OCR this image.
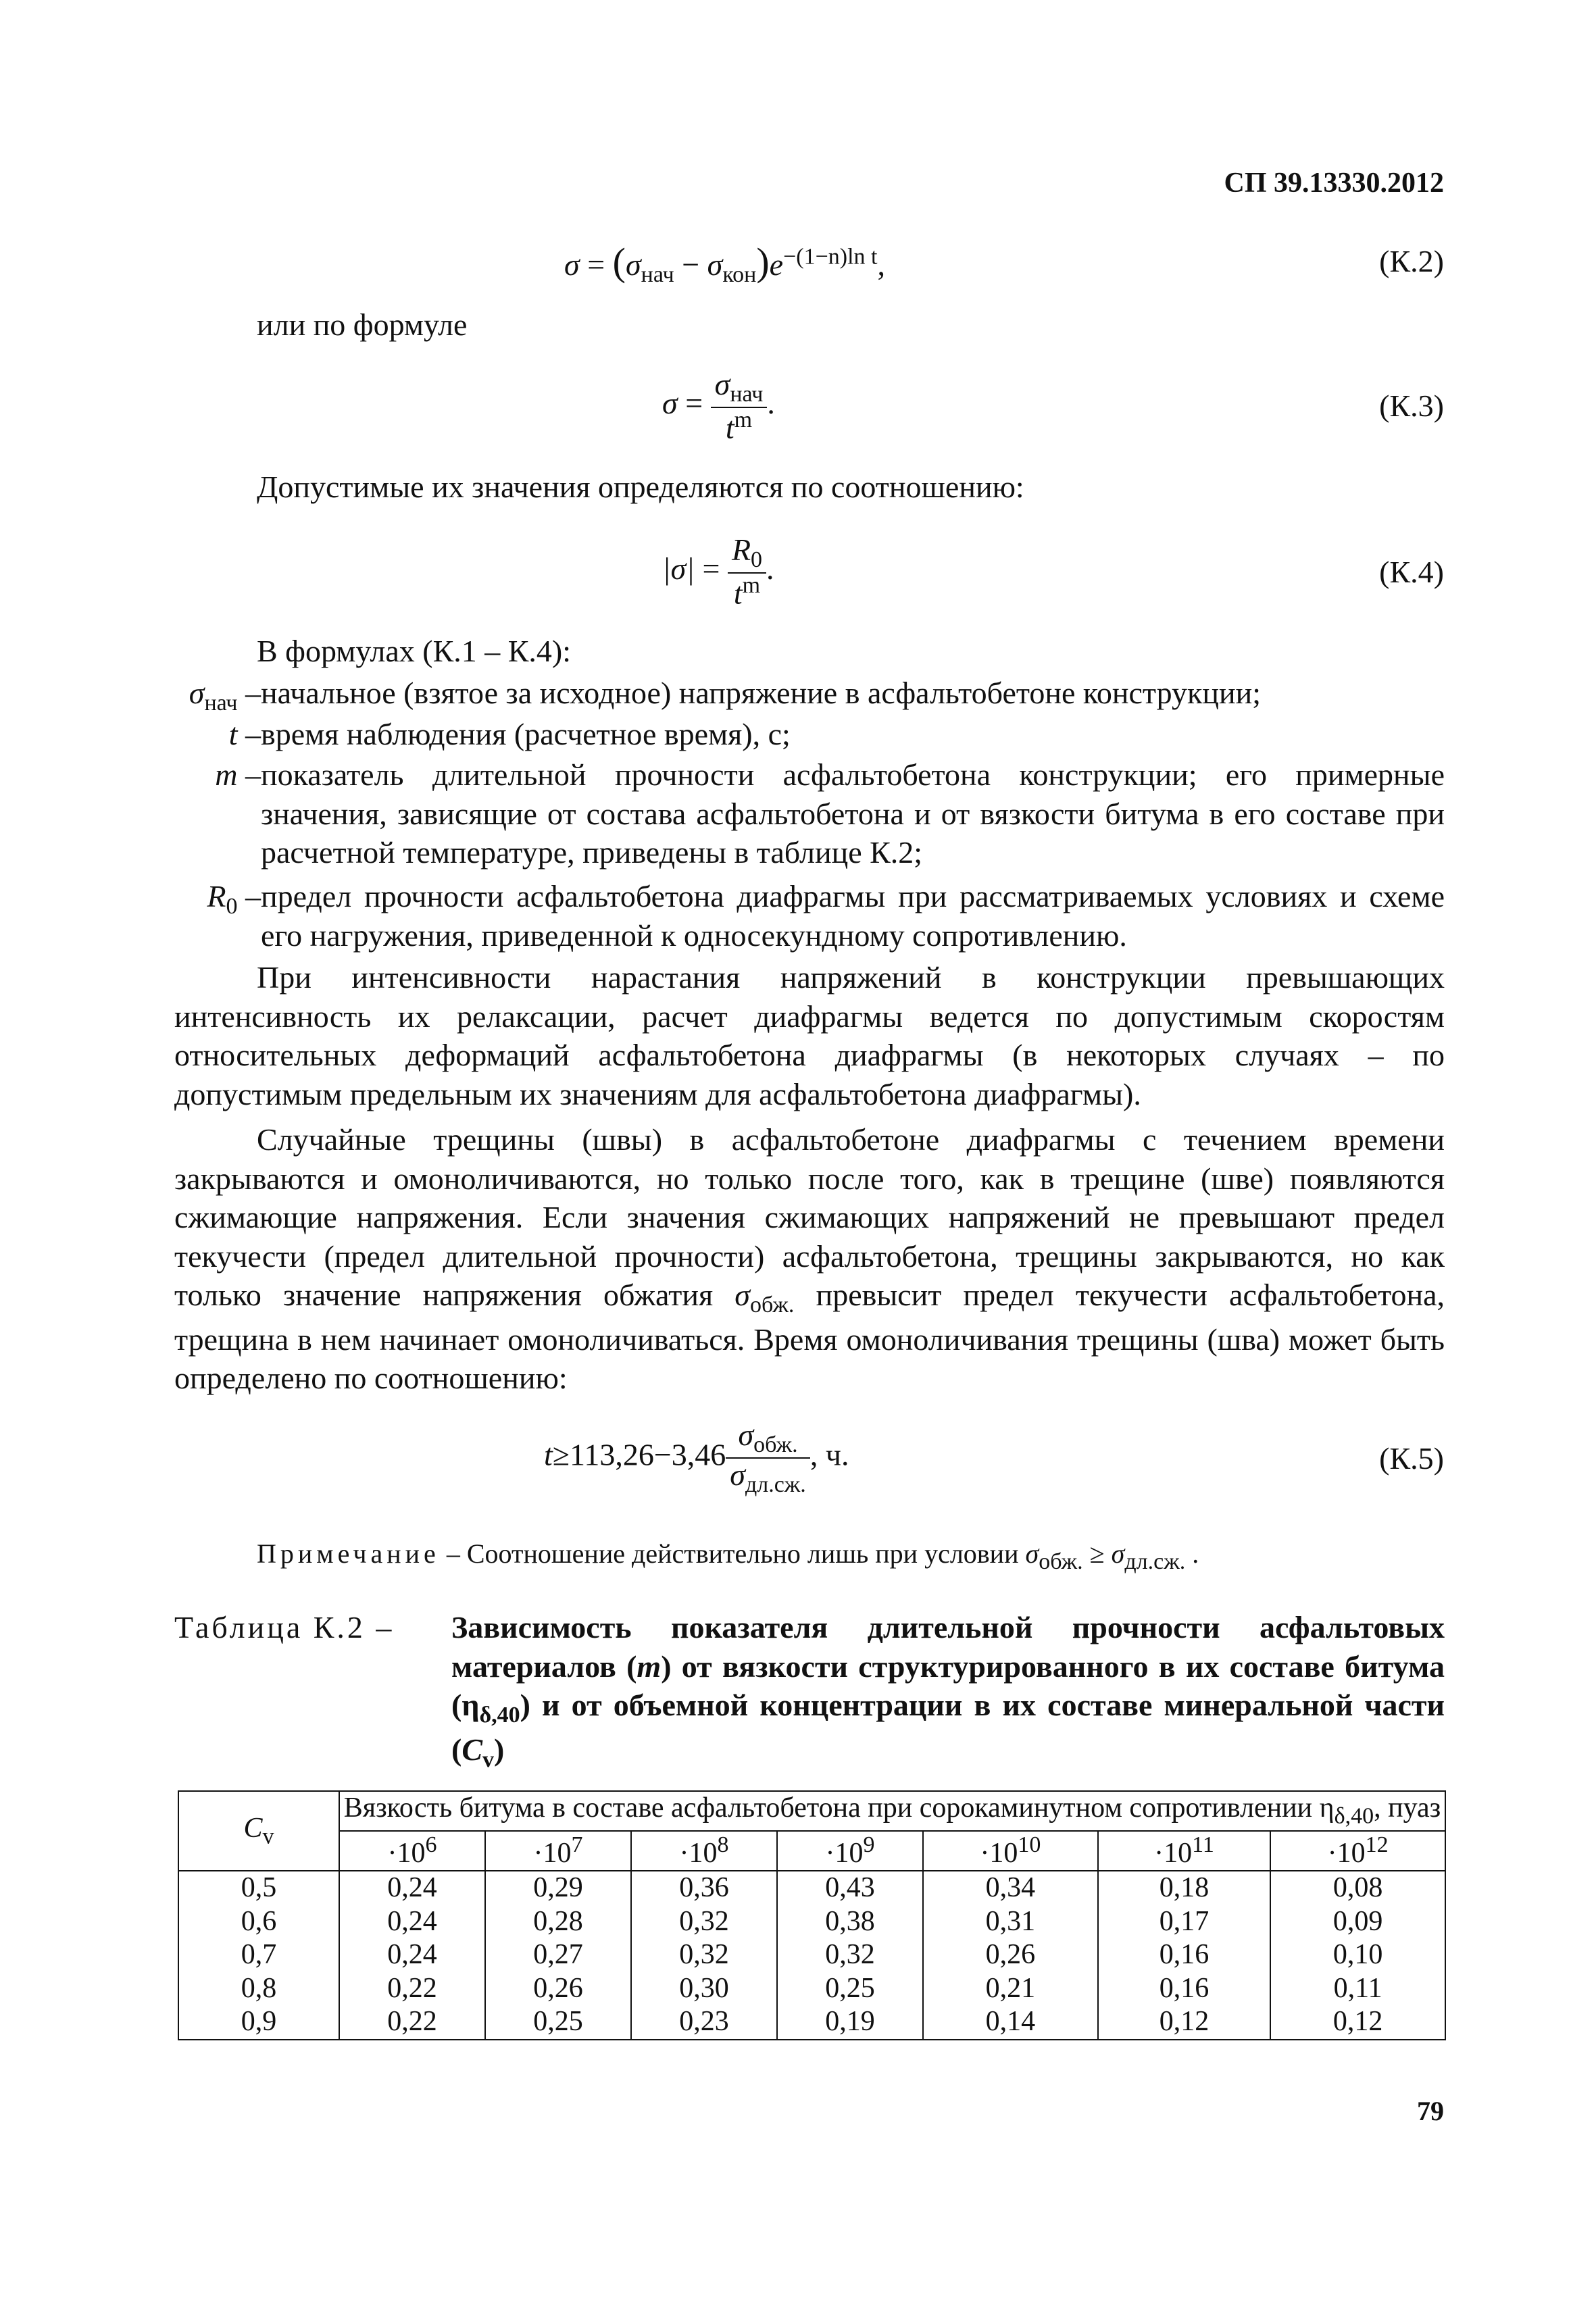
СП 39.13330.2012
$\sigma = (\sigma_{нач} - \sigma_{кон})e^{-(1-n)ln t}$,	(К.2)
или по формуле
$\sigma = \frac{\sigma_{нач}}{t^m}$ .	(К.3)
Допустимые их значения определяются по соотношению:
$|\sigma| = \frac{R_0}{t^m}$ .	(К.4)
В формулах (К.1 – К.4):
$\sigma_{нач}$ – начальное (взятое за исходное) напряжение в асфальтобетоне конструкции;
t – время наблюдения (расчетное время), с;
m – показатель длительной прочности асфальтобетона конструкции; его примерные значения, зависящие от состава асфальтобетона и от вязкости битума в его составе при расчетной температуре, приведены в таблице К.2;
$R_0$ – предел прочности асфальтобетона диафрагмы при рассматриваемых условиях и схеме его нагружения, приведенной к односекундному сопротивлению.
При интенсивности нарастания напряжений в конструкции превышающих интенсивность их релаксации, расчет диафрагмы ведется по допустимым скоростям относительных деформаций асфальтобетона диафрагмы (в некоторых случаях – по допустимым предельным их значениям для асфальтобетона диафрагмы).
Случайные трещины (швы) в асфальтобетоне диафрагмы с течением времени закрываются и омоноличиваются, но только после того, как в трещине (шве) появляются сжимающие напряжения. Если значения сжимающих напряжений не превышают предел текучести (предел длительной прочности) асфальтобетона, трещины закрываются, но как только значение напряжения обжатия $\sigma_{обж.}$ превысит предел текучести асфальтобетона, трещина в нем начинает омоноличиваться. Время омоноличивания трещины (шва) может быть определено по соотношению:
$t\ge 113,26-3,46 \frac{\sigma_{обж.}}{\sigma_{дл.сж.}}$ , ч.	(К.5)
Примечание – Соотношение действительно лишь при условии $\sigma_{обж.} \ge \sigma_{дл.сж.}$ .
Таблица К.2 – Зависимость показателя длительной прочности асфальтовых материалов (m) от вязкости структурированного в их составе битума $(\eta_{\delta,40})$ и от объемной концентрации в их составе минеральной части $(C_v)$
$C_v$	Вязкость битума в составе асфальтобетона при сорокаминутном сопротивлении $\eta_{\delta,40}$, пуаз						
	$\cdot 10^6$	$\cdot 10^7$	$\cdot 10^8$	$\cdot 10^9$	$\cdot 10^{10}$	$\cdot 10^{11}$	$\cdot 10^{12}$
0,5	0,24	0,29	0,36	0,43	0,34	0,18	0,08
0,6	0,24	0,28	0,32	0,38	0,31	0,17	0,09
0,7	0,24	0,27	0,32	0,32	0,26	0,16	0,10
0,8	0,22	0,26	0,30	0,25	0,21	0,16	0,11
0,9	0,22	0,25	0,23	0,19	0,14	0,12	0,12
79
